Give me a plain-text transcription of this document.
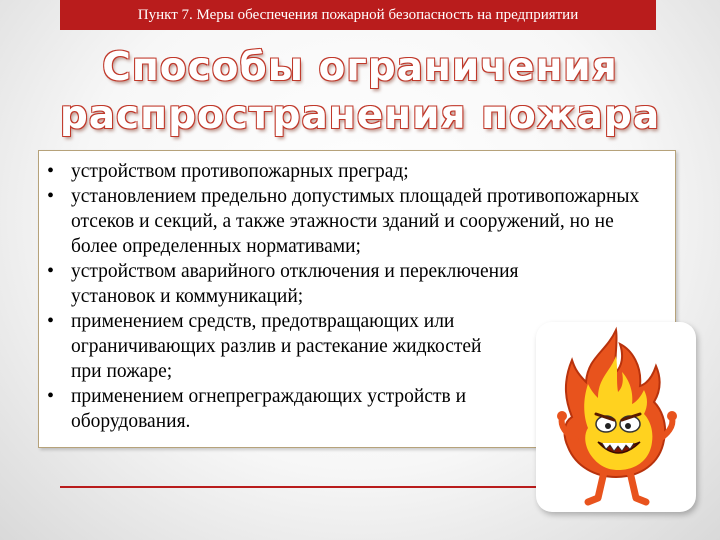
Пункт 7. Меры обеспечения пожарной безопасность на предприятии
Способы ограничения
распространения пожара
• устройством противопожарных преград;
• установлением предельно допустимых площадей противопожарных отсеков и секций, а также этажности зданий и сооружений, но не более определенных нормативами;
• устройством аварийного отключения и переключения установок и коммуникаций;
• применением средств, предотвращающих или ограничивающих разлив и растекание жидкостей при пожаре;
• применением огнепреграждающих устройств и оборудования.
